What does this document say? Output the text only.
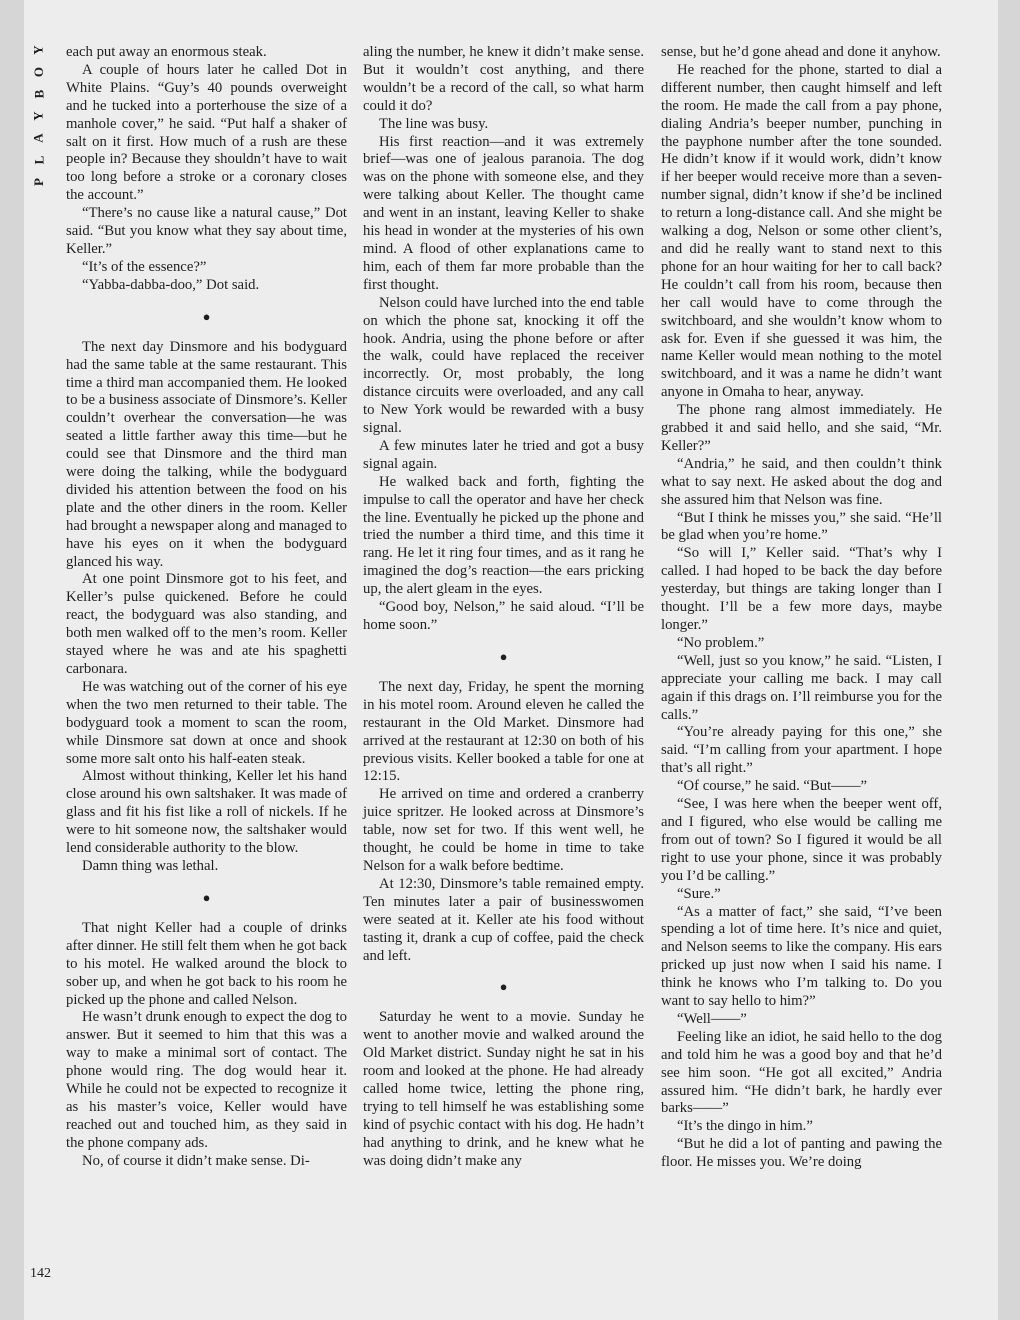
Y
O
B
Y
A
L
P
142

each put away an enormous steak.

A couple of hours later he called Dot in White Plains. “Guy’s 40 pounds overweight and he tucked into a porterhouse the size of a manhole cover,” he said. “Put half a shaker of salt on it first. How much of a rush are these people in? Because they shouldn’t have to wait too long before a stroke or a coronary closes the account.”

“There’s no cause like a natural cause,” Dot said. “But you know what they say about time, Keller.”

“It’s of the essence?”

“Yabba-dabba-doo,” Dot said.

●

The next day Dinsmore and his bodyguard had the same table at the same restaurant. This time a third man accompanied them. He looked to be a business associate of Dinsmore’s. Keller couldn’t overhear the conversation—he was seated a little farther away this time—but he could see that Dinsmore and the third man were doing the talking, while the bodyguard divided his attention between the food on his plate and the other diners in the room. Keller had brought a newspaper along and managed to have his eyes on it when the bodyguard glanced his way.

At one point Dinsmore got to his feet, and Keller’s pulse quickened. Before he could react, the bodyguard was also standing, and both men walked off to the men’s room. Keller stayed where he was and ate his spaghetti carbonara.

He was watching out of the corner of his eye when the two men returned to their table. The bodyguard took a moment to scan the room, while Dinsmore sat down at once and shook some more salt onto his half-eaten steak.

Almost without thinking, Keller let his hand close around his own saltshaker. It was made of glass and fit his fist like a roll of nickels. If he were to hit someone now, the saltshaker would lend considerable authority to the blow.

Damn thing was lethal.

●

That night Keller had a couple of drinks after dinner. He still felt them when he got back to his motel. He walked around the block to sober up, and when he got back to his room he picked up the phone and called Nelson.

He wasn’t drunk enough to expect the dog to answer. But it seemed to him that this was a way to make a minimal sort of contact. The phone would ring. The dog would hear it. While he could not be expected to recognize it as his master’s voice, Keller would have reached out and touched him, as they said in the phone company ads.

No, of course it didn’t make sense. Di-

aling the number, he knew it didn’t make sense. But it wouldn’t cost anything, and there wouldn’t be a record of the call, so what harm could it do?

The line was busy.

His first reaction—and it was extremely brief—was one of jealous paranoia. The dog was on the phone with someone else, and they were talking about Keller. The thought came and went in an instant, leaving Keller to shake his head in wonder at the mysteries of his own mind. A flood of other explanations came to him, each of them far more probable than the first thought.

Nelson could have lurched into the end table on which the phone sat, knocking it off the hook. Andria, using the phone before or after the walk, could have replaced the receiver incorrectly. Or, most probably, the long distance circuits were overloaded, and any call to New York would be rewarded with a busy signal.

A few minutes later he tried and got a busy signal again.

He walked back and forth, fighting the impulse to call the operator and have her check the line. Eventually he picked up the phone and tried the number a third time, and this time it rang. He let it ring four times, and as it rang he imagined the dog’s reaction—the ears pricking up, the alert gleam in the eyes.

“Good boy, Nelson,” he said aloud. “I’ll be home soon.”

●

The next day, Friday, he spent the morning in his motel room. Around eleven he called the restaurant in the Old Market. Dinsmore had arrived at the restaurant at 12:30 on both of his previous visits. Keller booked a table for one at 12:15.

He arrived on time and ordered a cranberry juice spritzer. He looked across at Dinsmore’s table, now set for two. If this went well, he thought, he could be home in time to take Nelson for a walk before bedtime.

At 12:30, Dinsmore’s table remained empty. Ten minutes later a pair of businesswomen were seated at it. Keller ate his food without tasting it, drank a cup of coffee, paid the check and left.

●

Saturday he went to a movie. Sunday he went to another movie and walked around the Old Market district. Sunday night he sat in his room and looked at the phone. He had already called home twice, letting the phone ring, trying to tell himself he was establishing some kind of psychic contact with his dog. He hadn’t had anything to drink, and he knew what he was doing didn’t make any

sense, but he’d gone ahead and done it anyhow.

He reached for the phone, started to dial a different number, then caught himself and left the room. He made the call from a pay phone, dialing Andria’s beeper number, punching in the payphone number after the tone sounded. He didn’t know if it would work, didn’t know if her beeper would receive more than a seven-number signal, didn’t know if she’d be inclined to return a long-distance call. And she might be walking a dog, Nelson or some other client’s, and did he really want to stand next to this phone for an hour waiting for her to call back? He couldn’t call from his room, because then her call would have to come through the switchboard, and she wouldn’t know whom to ask for. Even if she guessed it was him, the name Keller would mean nothing to the motel switchboard, and it was a name he didn’t want anyone in Omaha to hear, anyway.

The phone rang almost immediately. He grabbed it and said hello, and she said, “Mr. Keller?”

“Andria,” he said, and then couldn’t think what to say next. He asked about the dog and she assured him that Nelson was fine.

“But I think he misses you,” she said. “He’ll be glad when you’re home.”

“So will I,” Keller said. “That’s why I called. I had hoped to be back the day before yesterday, but things are taking longer than I thought. I’ll be a few more days, maybe longer.”

“No problem.”

“Well, just so you know,” he said. “Listen, I appreciate your calling me back. I may call again if this drags on. I’ll reimburse you for the calls.”

“You’re already paying for this one,” she said. “I’m calling from your apartment. I hope that’s all right.”

“Of course,” he said. “But——”

“See, I was here when the beeper went off, and I figured, who else would be calling me from out of town? So I figured it would be all right to use your phone, since it was probably you I’d be calling.”

“Sure.”

“As a matter of fact,” she said, “I’ve been spending a lot of time here. It’s nice and quiet, and Nelson seems to like the company. His ears pricked up just now when I said his name. I think he knows who I’m talking to. Do you want to say hello to him?”

“Well——”

Feeling like an idiot, he said hello to the dog and told him he was a good boy and that he’d see him soon. “He got all excited,” Andria assured him. “He didn’t bark, he hardly ever barks——”

“It’s the dingo in him.”

“But he did a lot of panting and pawing the floor. He misses you. We’re doing
